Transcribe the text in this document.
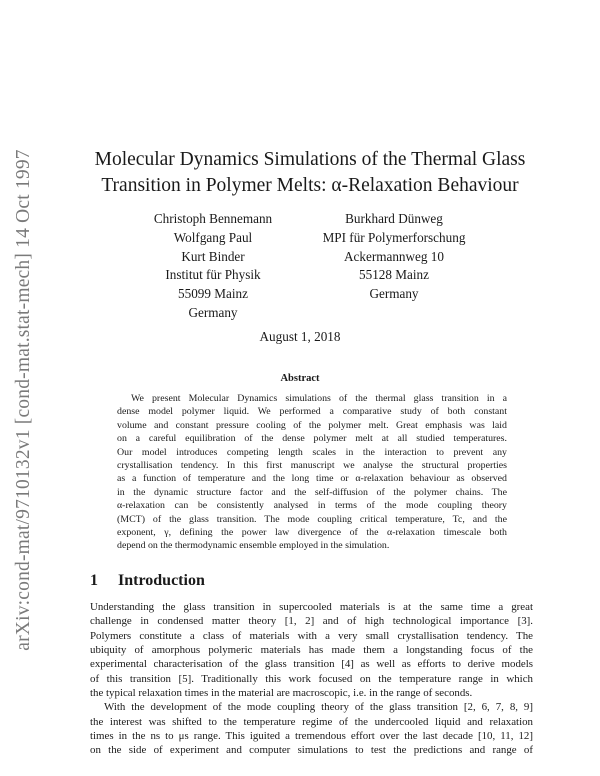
arXiv:cond-mat/9710132v1 [cond-mat.stat-mech] 14 Oct 1997	Molecular Dynamics Simulations of the Thermal Glass
Transition in Polymer Melts: α-Relaxation Behaviour
Christoph Bennemann
Wolfgang Paul
Kurt Binder
Institut für Physik
55099 Mainz
Germany
Burkhard Dünweg
MPI für Polymerforschung
Ackermannweg 10
55128 Mainz
Germany
August 1, 2018
Abstract
We present Molecular Dynamics simulations of the thermal glass transition in a
dense model polymer liquid. We performed a comparative study of both constant
volume and constant pressure cooling of the polymer melt. Great emphasis was laid
on a careful equilibration of the dense polymer melt at all studied temperatures.
Our model introduces competing length scales in the interaction to prevent any
crystallisation tendency. In this first manuscript we analyse the structural properties
as a function of temperature and the long time or α-relaxation behaviour as observed
in the dynamic structure factor and the self-diffusion of the polymer chains. The
α-relaxation can be consistently analysed in terms of the mode coupling theory
(MCT) of the glass transition. The mode coupling critical temperature, Tc, and the
exponent, γ, defining the power law divergence of the α-relaxation timescale both
depend on the thermodynamic ensemble employed in the simulation.
1 Introduction
Understanding the glass transition in supercooled materials is at the same time a great
challenge in condensed matter theory [1, 2] and of high technological importance [3].
Polymers constitute a class of materials with a very small crystallisation tendency. The
ubiquity of amorphous polymeric materials has made them a longstanding focus of the
experimental characterisation of the glass transition [4] as well as efforts to derive models
of this transition [5]. Traditionally this work focused on the temperature range in which
the typical relaxation times in the material are macroscopic, i.e. in the range of seconds.
With the development of the mode coupling theory of the glass transition [2, 6, 7, 8, 9]
the interest was shifted to the temperature regime of the undercooled liquid and relaxation
times in the ns to μs range. This iguited a tremendous effort over the last decade [10, 11, 12]
on the side of experiment and computer simulations to test the predictions and range of
